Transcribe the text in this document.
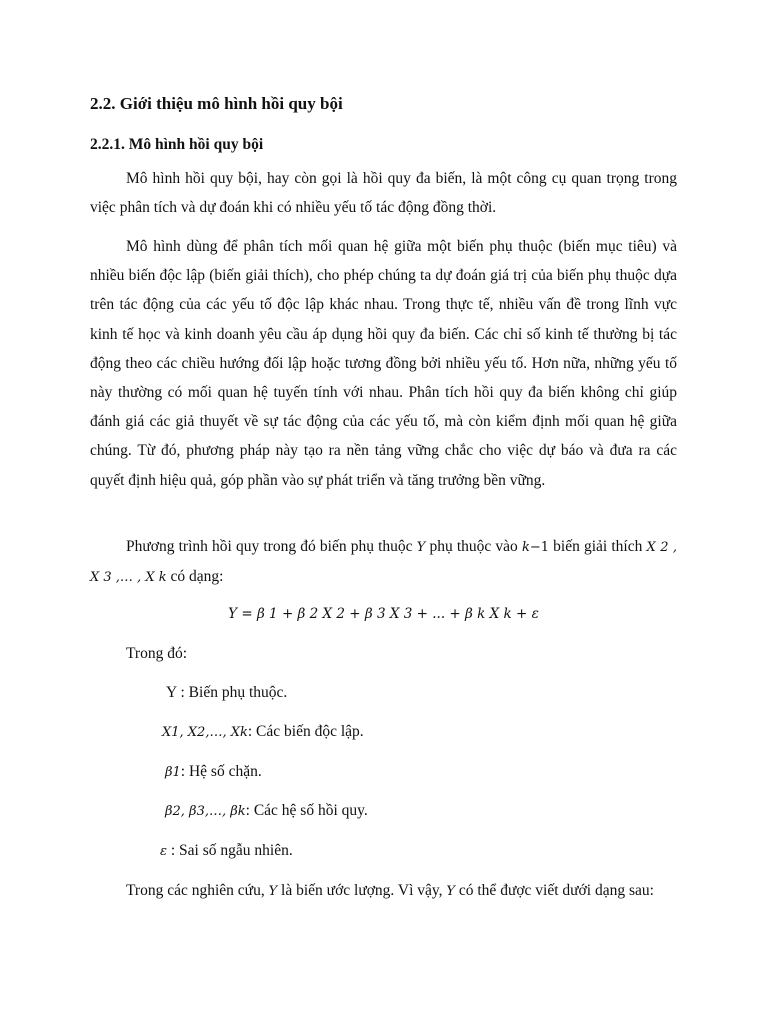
2.2. Giới thiệu mô hình hồi quy bội
2.2.1. Mô hình hồi quy bội

Mô hình hồi quy bội, hay còn gọi là hồi quy đa biến, là một công cụ quan trọng trong việc phân tích và dự đoán khi có nhiều yếu tố tác động đồng thời.

Mô hình dùng để phân tích mối quan hệ giữa một biến phụ thuộc (biến mục tiêu) và nhiều biến độc lập (biến giải thích), cho phép chúng ta dự đoán giá trị của biến phụ thuộc dựa trên tác động của các yếu tố độc lập khác nhau. Trong thực tế, nhiều vấn đề trong lĩnh vực kinh tế học và kinh doanh yêu cầu áp dụng hồi quy đa biến. Các chỉ số kinh tế thường bị tác động theo các chiều hướng đối lập hoặc tương đồng bởi nhiều yếu tố. Hơn nữa, những yếu tố này thường có mối quan hệ tuyến tính với nhau. Phân tích hồi quy đa biến không chỉ giúp đánh giá các giả thuyết về sự tác động của các yếu tố, mà còn kiểm định mối quan hệ giữa chúng. Từ đó, phương pháp này tạo ra nền tảng vững chắc cho việc dự báo và đưa ra các quyết định hiệu quả, góp phần vào sự phát triển và tăng trưởng bền vững.

Phương trình hồi quy trong đó biến phụ thuộc Y phụ thuộc vào k−1 biến giải thích X 2 , X 3 ,… , X k có dạng:

Y = β 1 + β 2 X 2 + β 3 X 3 + ... + β k X k + ε
Trong đó:
Y : Biến phụ thuộc.
X1, X2,…, Xk: Các biến độc lập.
β1: Hệ số chặn.
β2, β3,…, βk: Các hệ số hồi quy.
ε : Sai số ngẫu nhiên.

Trong các nghiên cứu, Y là biến ước lượng. Vì vậy, Y có thể được viết dưới dạng sau:
